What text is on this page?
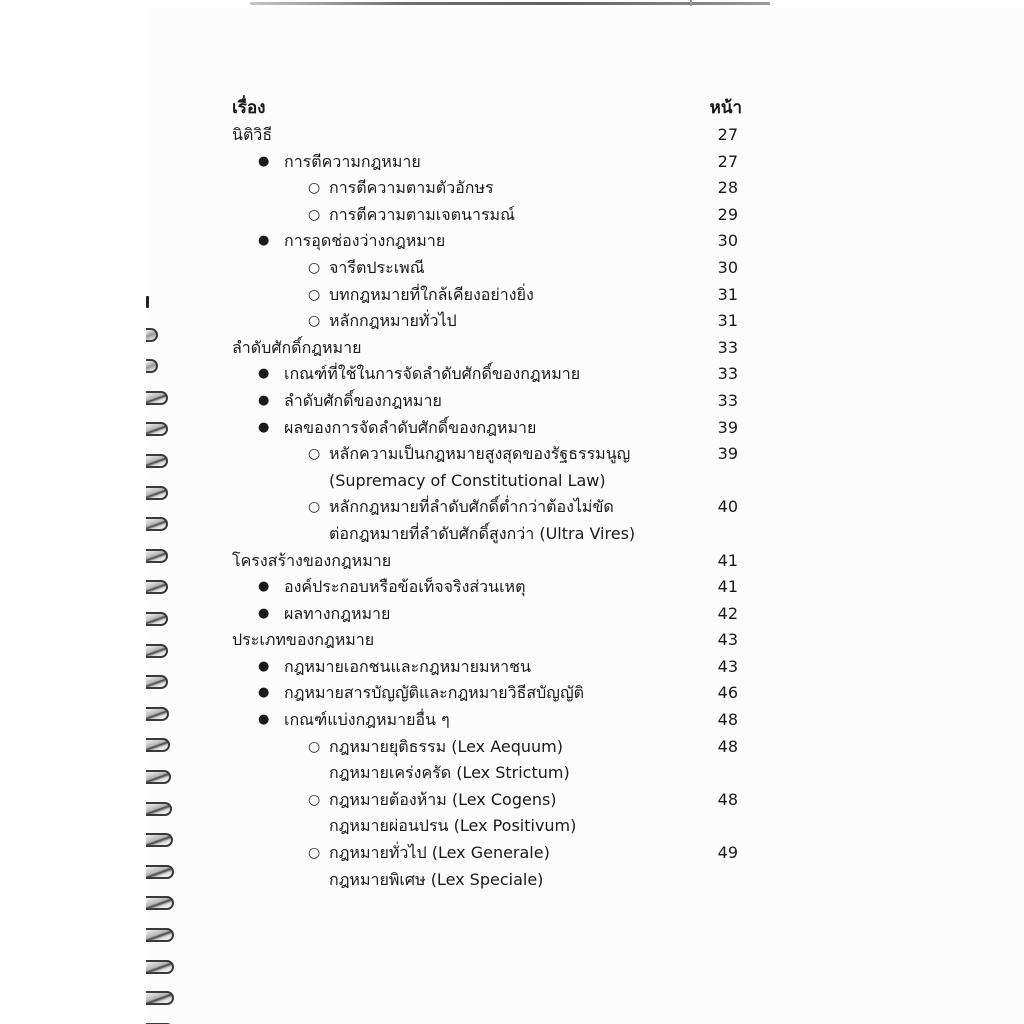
เรื่อง	หน้า
นิติวิธี	27
● การตีความกฎหมาย	27
○ การตีความตามตัวอักษร	28
○ การตีความตามเจตนารมณ์	29
● การอุดช่องว่างกฎหมาย	30
○ จารีตประเพณี	30
○ บทกฎหมายที่ใกล้เคียงอย่างยิ่ง	31
○ หลักกฎหมายทั่วไป	31
ลำดับศักดิ์กฎหมาย	33
● เกณฑ์ที่ใช้ในการจัดลำดับศักดิ์ของกฎหมาย	33
● ลำดับศักดิ์ของกฎหมาย	33
● ผลของการจัดลำดับศักดิ์ของกฎหมาย	39
○ หลักความเป็นกฎหมายสูงสุดของรัฐธรรมนูญ	39
(Supremacy of Constitutional Law)
○ หลักกฎหมายที่ลำดับศักดิ์ต่ำกว่าต้องไม่ขัด	40
ต่อกฎหมายที่ลำดับศักดิ์สูงกว่า (Ultra Vires)
โครงสร้างของกฎหมาย	41
● องค์ประกอบหรือข้อเท็จจริงส่วนเหตุ	41
● ผลทางกฎหมาย	42
ประเภทของกฎหมาย	43
● กฎหมายเอกชนและกฎหมายมหาชน	43
● กฎหมายสารบัญญัติและกฎหมายวิธีสบัญญัติ	46
● เกณฑ์แบ่งกฎหมายอื่น ๆ	48
○ กฎหมายยุติธรรม (Lex Aequum)	48
กฎหมายเคร่งครัด (Lex Strictum)
○ กฎหมายต้องห้าม (Lex Cogens)	48
กฎหมายผ่อนปรน (Lex Positivum)
○ กฎหมายทั่วไป (Lex Generale)	49
กฎหมายพิเศษ (Lex Speciale)
